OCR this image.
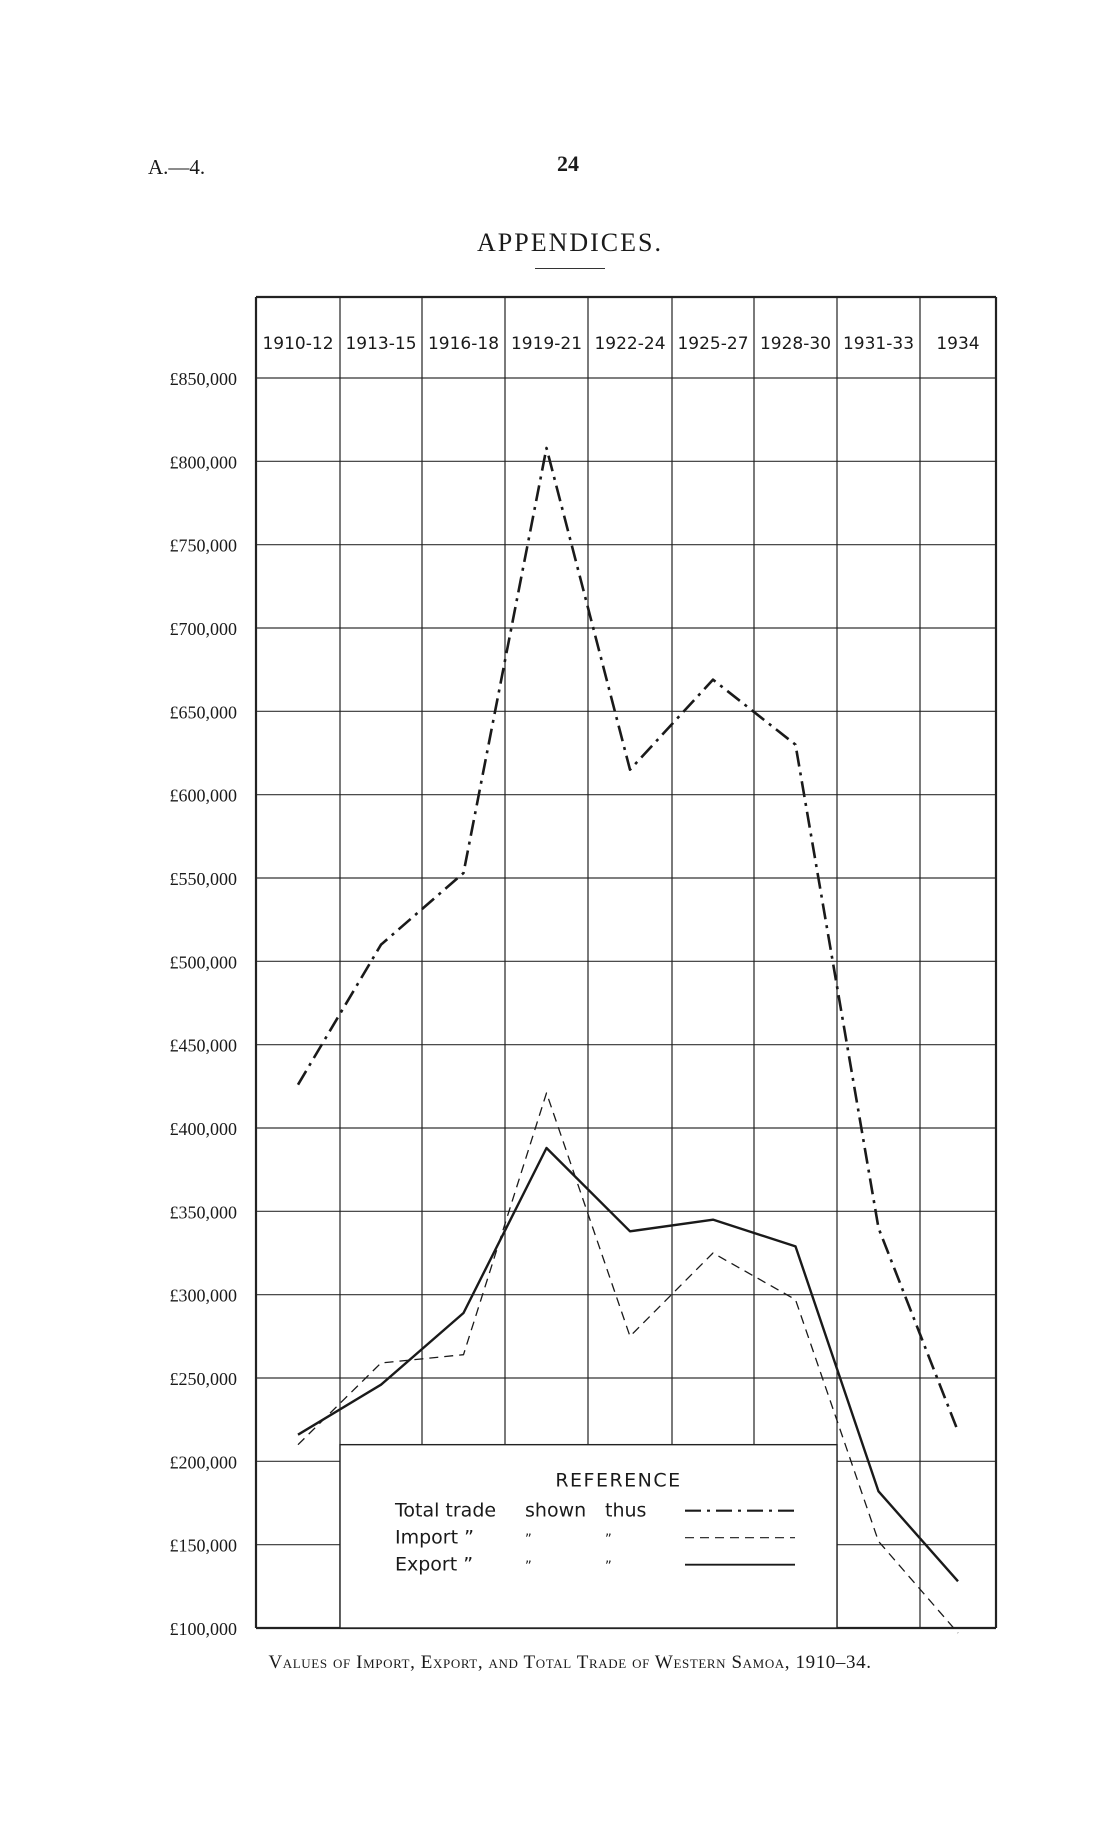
A.—4.	24
APPENDICES.
1910-12 1913-15 1916-18 1919-21 1922-24 1925-27 1928-30 1931-33 1934
£850,000
£800,000
£750,000
£700,000
£650,000
£600,000
£550,000
£500,000
£450,000
£400,000
£350,000
£300,000
£250,000
£200,000
£150,000
£100,000
REFERENCE
Total trade shown thus
Import ”	”	”
Export ”	”	”
Values of Import, Export, and Total Trade of Western Samoa, 1910–34.
